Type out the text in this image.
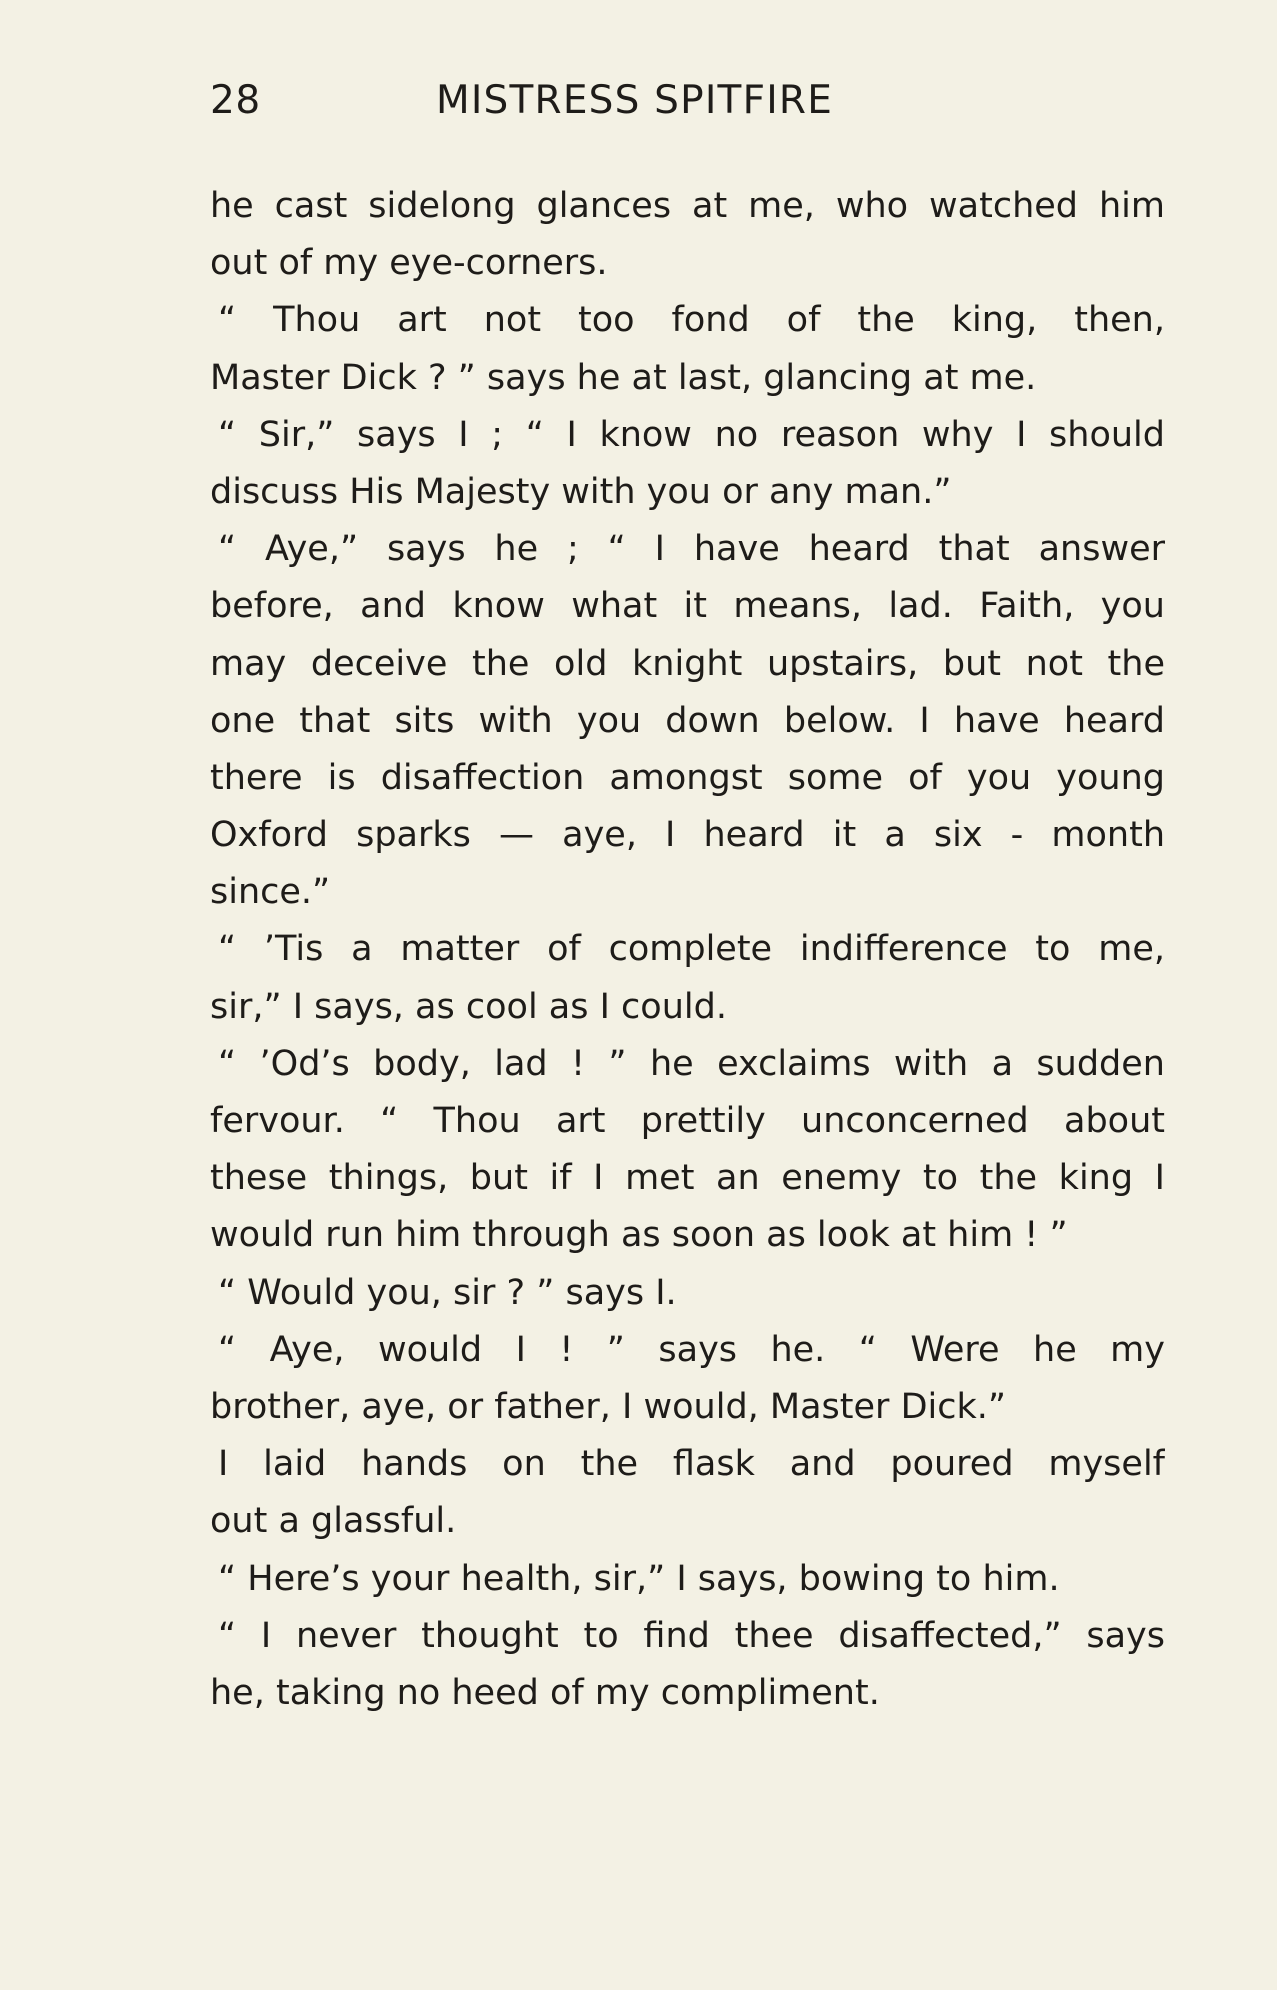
28	MISTRESS SPITFIRE
he cast sidelong glances at me, who watched him
out of my eye-corners.
“ Thou art not too fond of the king, then,
Master Dick ? ” says he at last, glancing at me.
“ Sir,” says I ; “ I know no reason why I should
discuss His Majesty with you or any man.”
“ Aye,” says he ; “ I have heard that answer
before, and know what it means, lad. Faith, you
may deceive the old knight upstairs, but not the
one that sits with you down below. I have heard
there is disaffection amongst some of you young
Oxford sparks — aye, I heard it a six - month
since.”
“ ’Tis a matter of complete indifference to me,
sir,” I says, as cool as I could.
“ ’Od’s body, lad ! ” he exclaims with a sudden
fervour. “ Thou art prettily unconcerned about
these things, but if I met an enemy to the king I
would run him through as soon as look at him ! ”
“ Would you, sir ? ” says I.
“ Aye, would I ! ” says he. “ Were he my
brother, aye, or father, I would, Master Dick.”
I laid hands on the flask and poured myself
out a glassful.
“ Here’s your health, sir,” I says, bowing to him.
“ I never thought to find thee disaffected,” says
he, taking no heed of my compliment.
